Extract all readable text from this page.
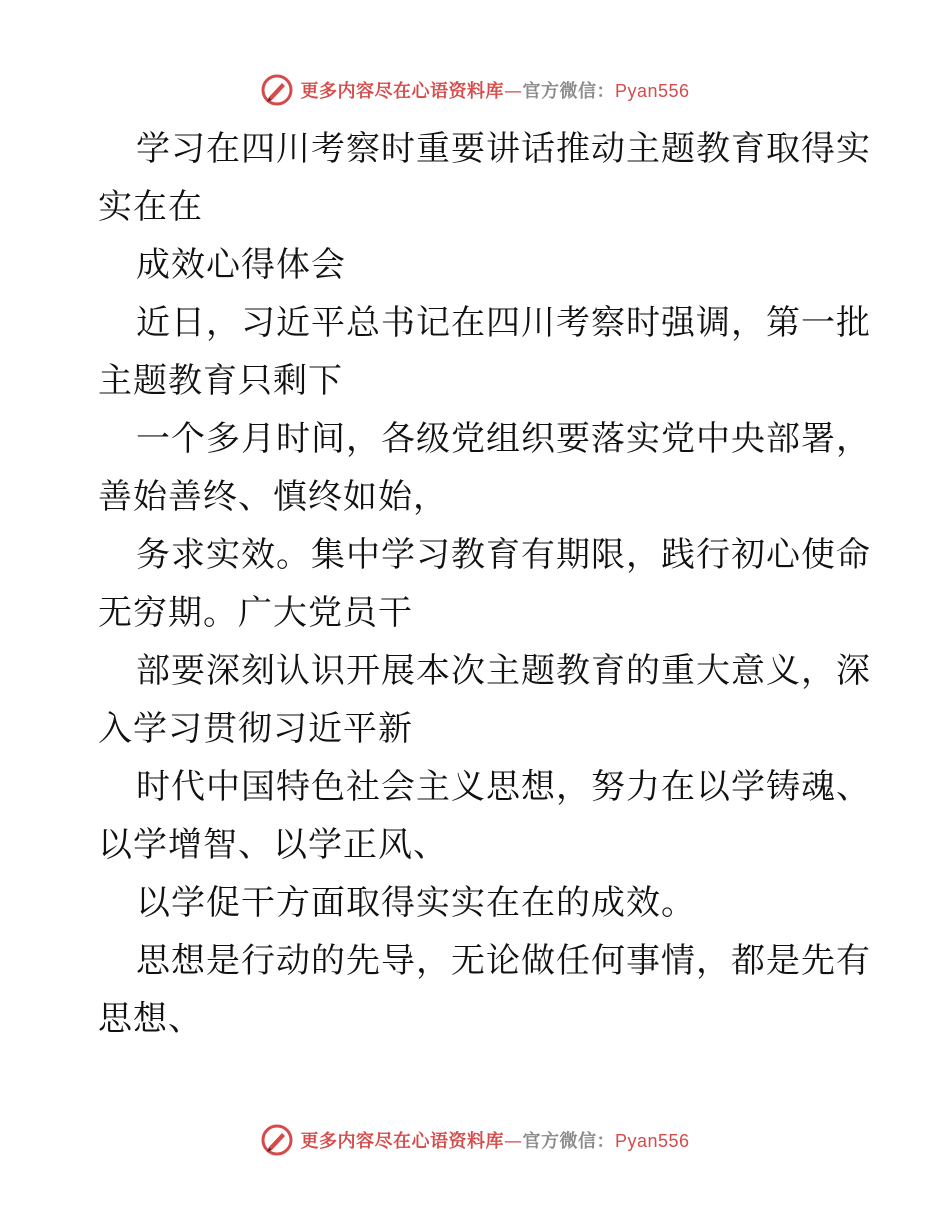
更多内容尽在心语资料库—官方微信：Pyan556

学习在四川考察时重要讲话推动主题教育取得实
实在在

成效心得体会

近日，习近平总书记在四川考察时强调，第一批
主题教育只剩下

一个多月时间，各级党组织要落实党中央部署，
善始善终、慎终如始，

务求实效。集中学习教育有期限，践行初心使命
无穷期。广大党员干

部要深刻认识开展本次主题教育的重大意义，深
入学习贯彻习近平新

时代中国特色社会主义思想，努力在以学铸魂、
以学增智、以学正风、

以学促干方面取得实实在在的成效。

思想是行动的先导，无论做任何事情，都是先有
思想、

更多内容尽在心语资料库—官方微信：Pyan556
